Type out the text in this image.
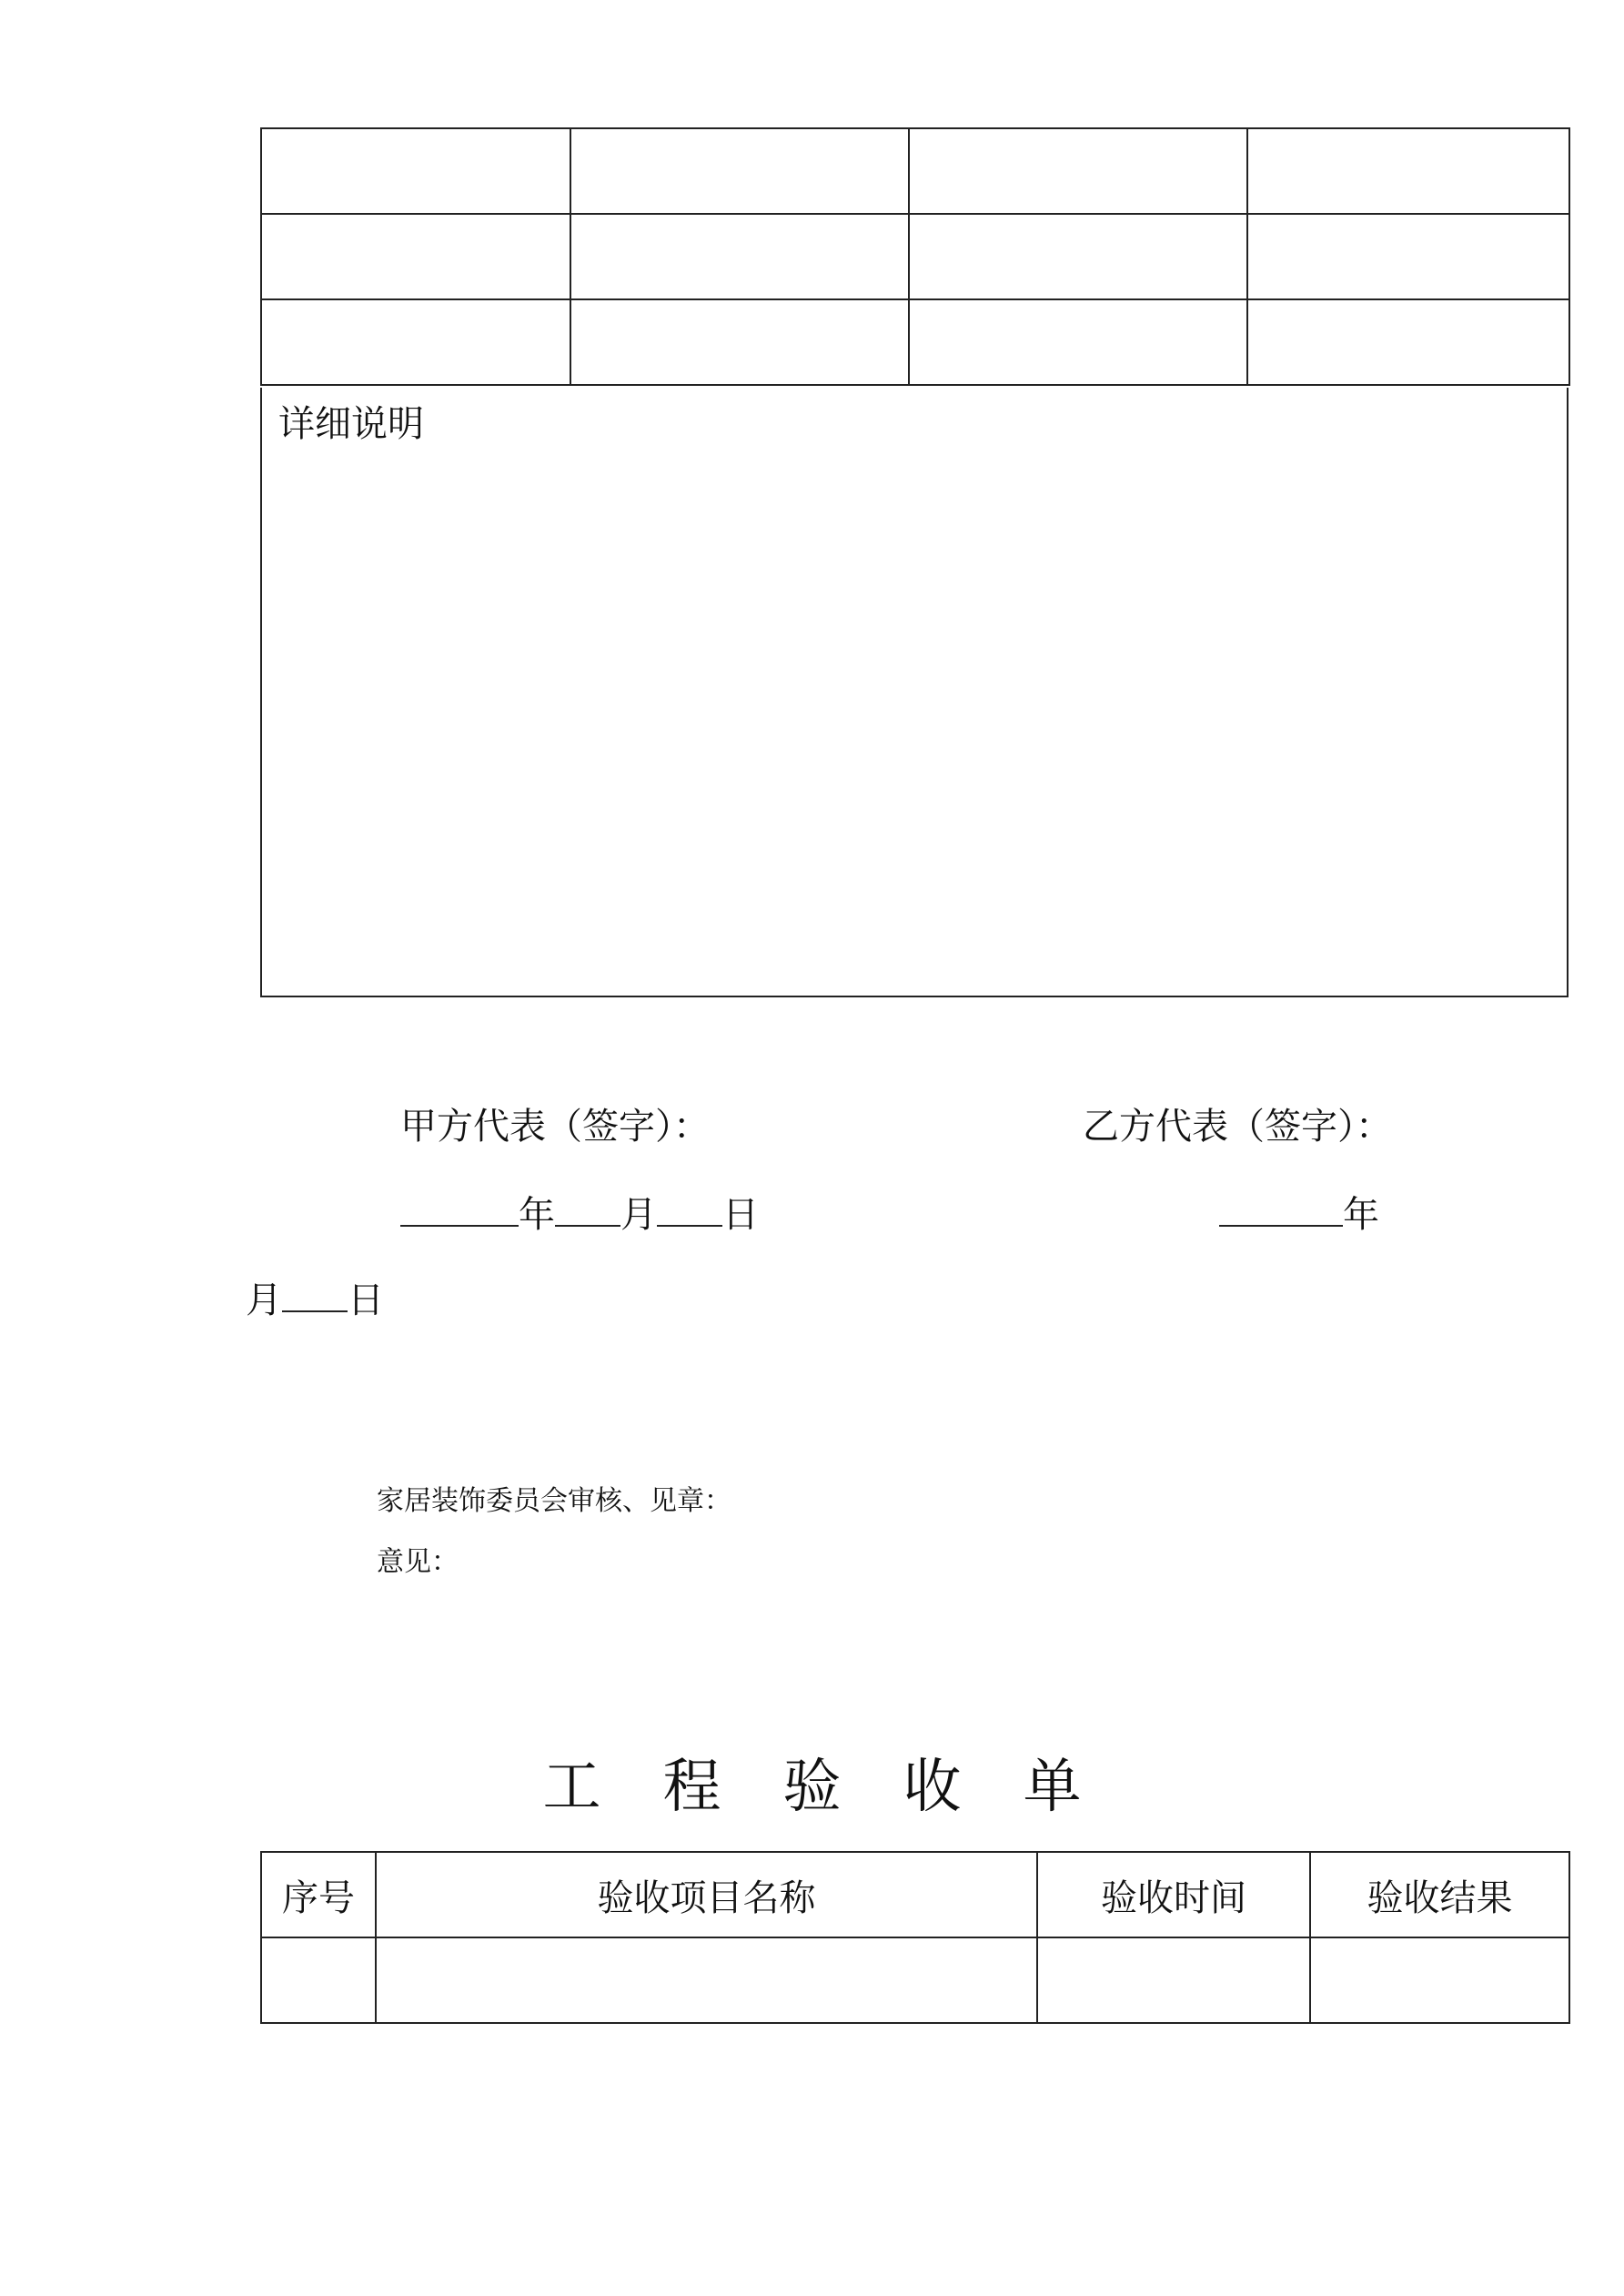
详细说明
甲方代表（签字）：	乙方代表（签字）：
年 月 日	年
月 日
家居装饰委员会审核、见章：
意见：
工 程 验 收 单
序号	验收项目名称	验收时间	验收结果
